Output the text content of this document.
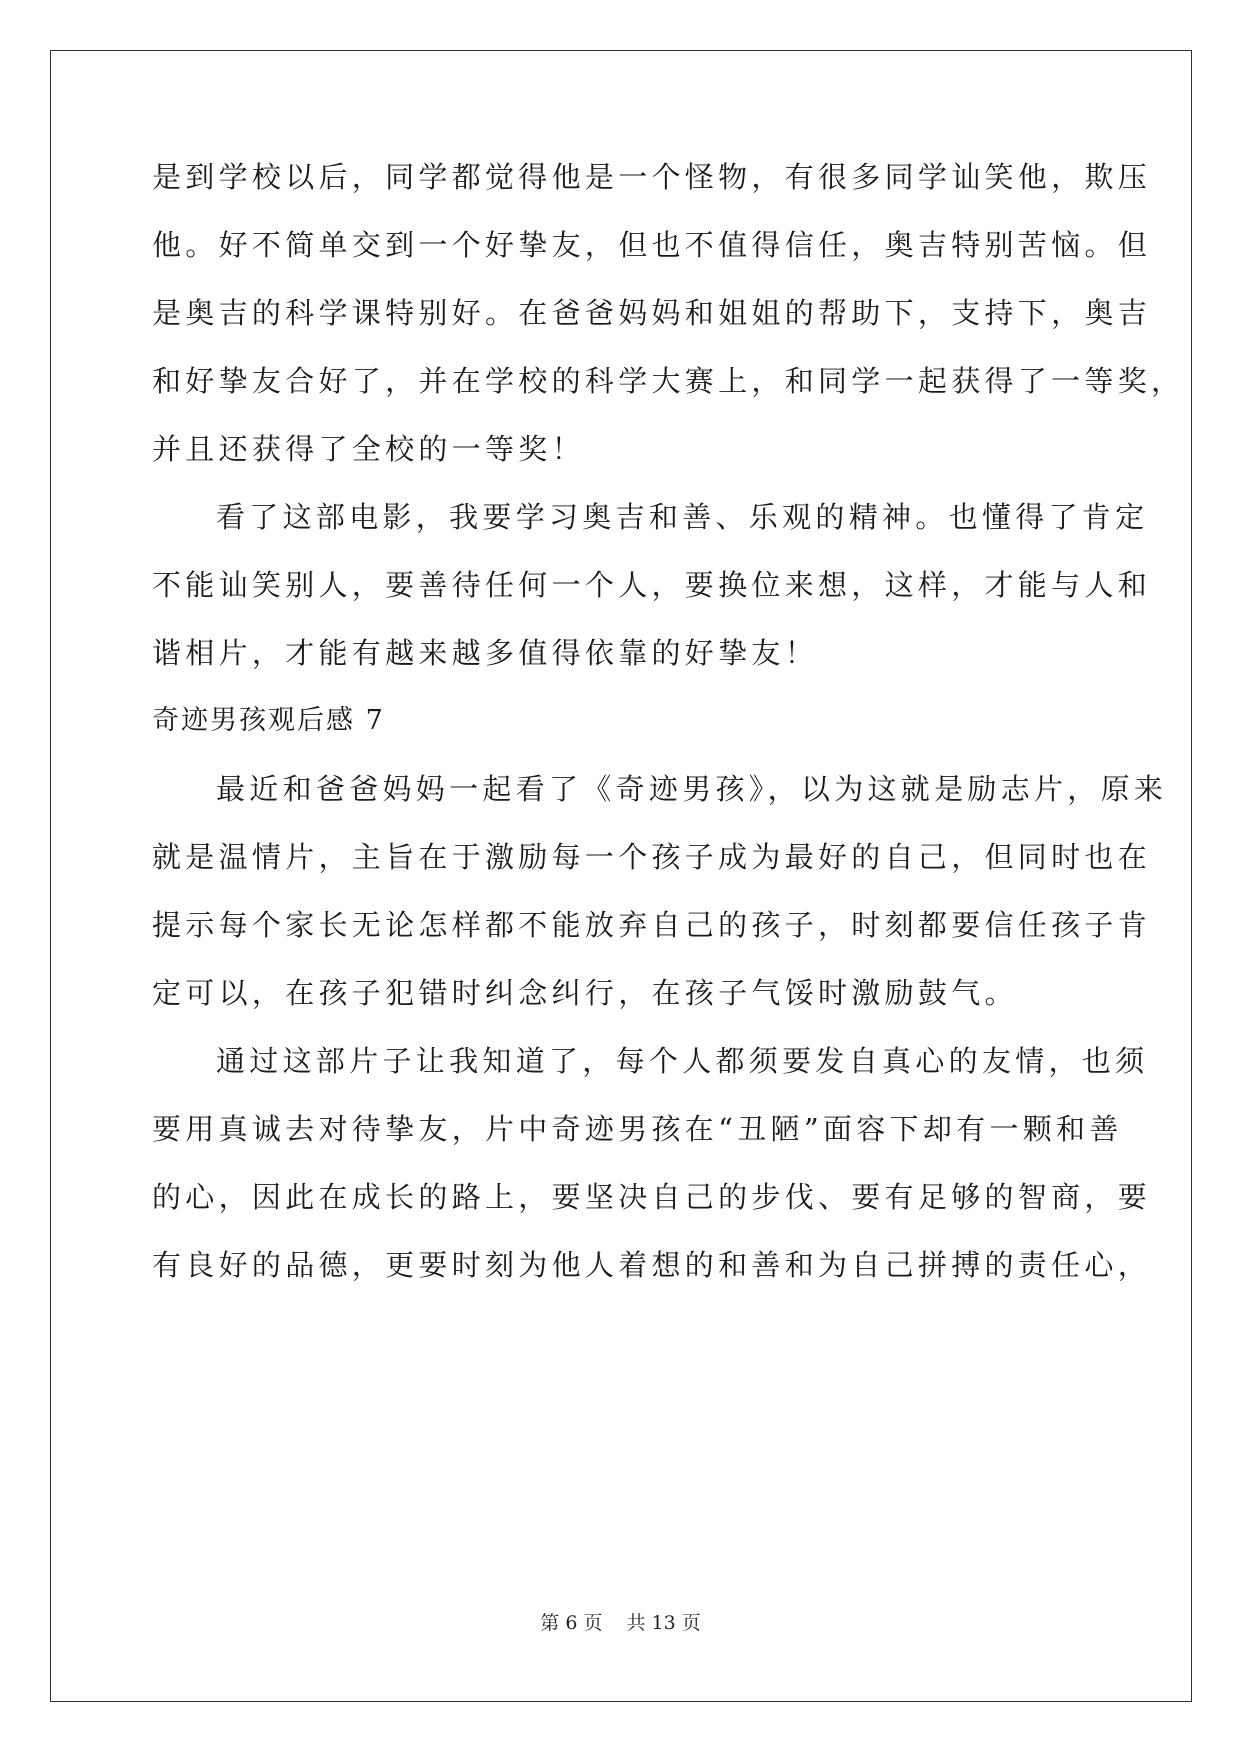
是到学校以后，同学都觉得他是一个怪物，有很多同学讪笑他，欺压
他。好不简单交到一个好挚友，但也不值得信任，奥吉特别苦恼。但
是奥吉的科学课特别好。在爸爸妈妈和姐姐的帮助下，支持下，奥吉
和好挚友合好了，并在学校的科学大赛上，和同学一起获得了一等奖，
并且还获得了全校的一等奖！
看了这部电影，我要学习奥吉和善、乐观的精神。也懂得了肯定
不能讪笑别人，要善待任何一个人，要换位来想，这样，才能与人和
谐相片，才能有越来越多值得依靠的好挚友！
奇迹男孩观后感 7
最近和爸爸妈妈一起看了《奇迹男孩》，以为这就是励志片，原来
就是温情片，主旨在于激励每一个孩子成为最好的自己，但同时也在
提示每个家长无论怎样都不能放弃自己的孩子，时刻都要信任孩子肯
定可以，在孩子犯错时纠念纠行，在孩子气馁时激励鼓气。
通过这部片子让我知道了，每个人都须要发自真心的友情，也须
要用真诚去对待挚友，片中奇迹男孩在“丑陋”面容下却有一颗和善
的心，因此在成长的路上，要坚决自己的步伐、要有足够的智商，要
有良好的品德，更要时刻为他人着想的和善和为自己拼搏的责任心，
第 6 页 共 13 页
